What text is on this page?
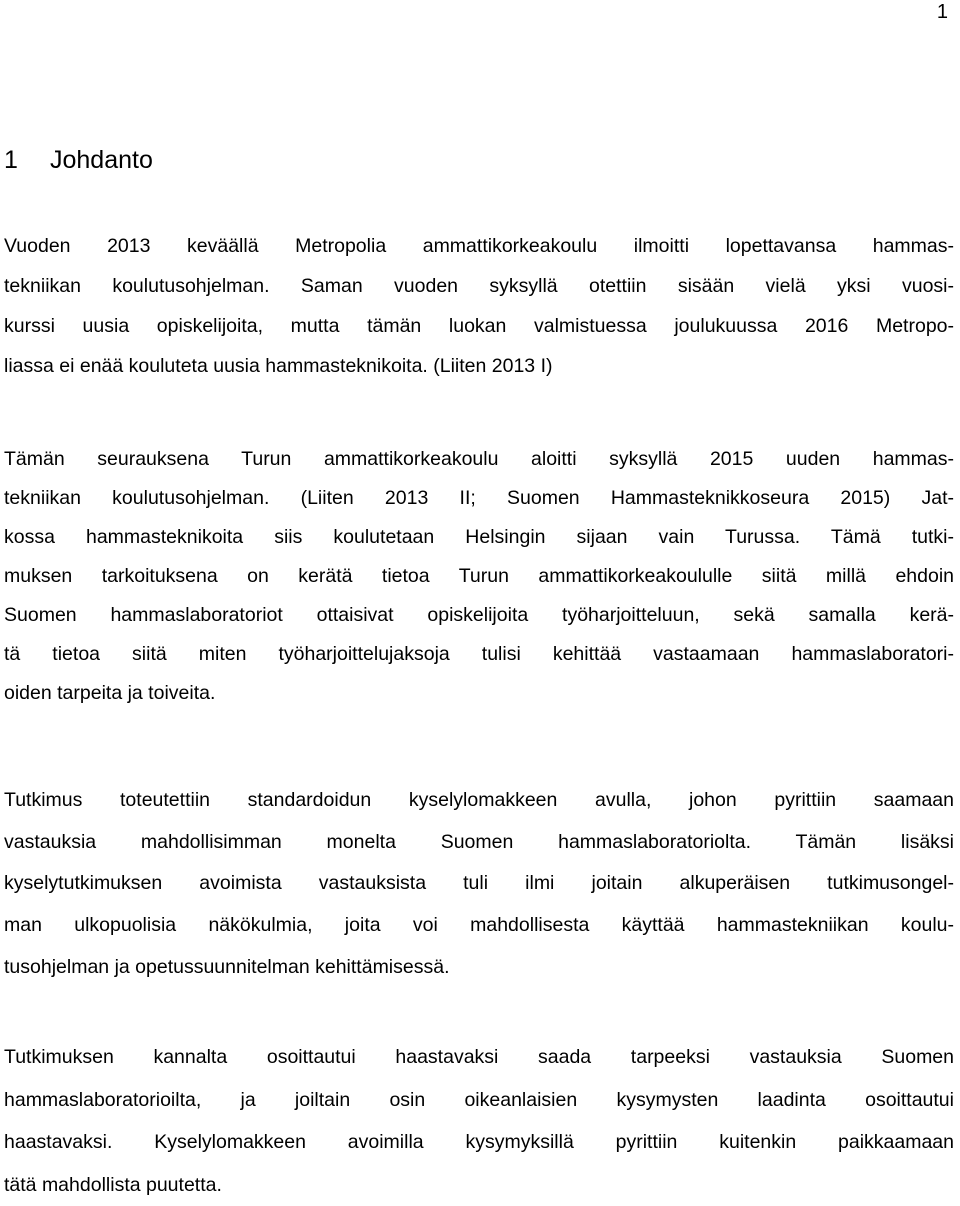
1
1 Johdanto
Vuoden 2013 keväällä Metropolia ammattikorkeakoulu ilmoitti lopettavansa hammas-
tekniikan koulutusohjelman. Saman vuoden syksyllä otettiin sisään vielä yksi vuosi-
kurssi uusia opiskelijoita, mutta tämän luokan valmistuessa joulukuussa 2016 Metropo-
liassa ei enää kouluteta uusia hammasteknikoita. (Liiten 2013 I)
Tämän seurauksena Turun ammattikorkeakoulu aloitti syksyllä 2015 uuden hammas-
tekniikan koulutusohjelman. (Liiten 2013 II; Suomen Hammasteknikkoseura 2015) Jat-
kossa hammasteknikoita siis koulutetaan Helsingin sijaan vain Turussa. Tämä tutki-
muksen tarkoituksena on kerätä tietoa Turun ammattikorkeakoululle siitä millä ehdoin
Suomen hammaslaboratoriot ottaisivat opiskelijoita työharjoitteluun, sekä samalla kerä-
tä tietoa siitä miten työharjoittelujaksoja tulisi kehittää vastaamaan hammaslaboratori-
oiden tarpeita ja toiveita.
Tutkimus toteutettiin standardoidun kyselylomakkeen avulla, johon pyrittiin saamaan
vastauksia mahdollisimman monelta Suomen hammaslaboratoriolta. Tämän lisäksi
kyselytutkimuksen avoimista vastauksista tuli ilmi joitain alkuperäisen tutkimusongel-
man ulkopuolisia näkökulmia, joita voi mahdollisesta käyttää hammastekniikan koulu-
tusohjelman ja opetussuunnitelman kehittämisessä.
Tutkimuksen kannalta osoittautui haastavaksi saada tarpeeksi vastauksia Suomen
hammaslaboratorioilta, ja joiltain osin oikeanlaisien kysymysten laadinta osoittautui
haastavaksi. Kyselylomakkeen avoimilla kysymyksillä pyrittiin kuitenkin paikkaamaan
tätä mahdollista puutetta.
